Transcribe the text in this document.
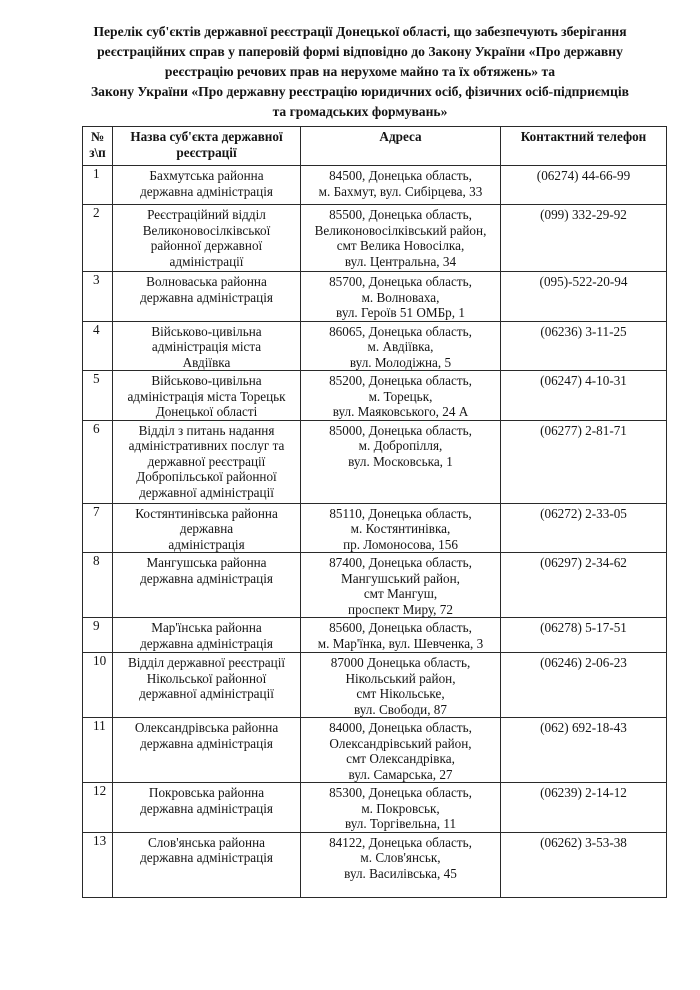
Перелік суб'єктів державної реєстрації Донецької області, що забезпечують зберігання
реєстраційних справ у паперовій формі відповідно до Закону України «Про державну
реєстрацію речових прав на нерухоме майно та їх обтяжень» та
Закону України «Про державну реєстрацію юридичних осіб, фізичних осіб-підприємців
та громадських формувань»
№
з\п	Назва суб'єкта державної
реєстрації	Адреса	Контактний телефон

1	Бахмутська районна
державна адміністрація	84500, Донецька область,
м. Бахмут, вул. Сибірцева, 33	(06274) 44-66-99

2	Реєстраційний відділ
Великоновосілківської
районної державної
адміністрації	85500, Донецька область,
Великоновосілківський район,
смт Велика Новосілка,
вул. Центральна, 34	(099) 332-29-92

3	Волноваська районна
державна адміністрація	85700, Донецька область,
м. Волноваха,
вул. Героїв 51 ОМБр, 1	(095)-522-20-94

4	Військово-цивільна
адміністрація міста
Авдіївка	86065, Донецька область,
м. Авдіївка,
вул. Молодіжна, 5	(06236) 3-11-25

5	Військово-цивільна
адміністрація міста Торецьк
Донецької області	85200, Донецька область,
м. Торецьк,
вул. Маяковського, 24 А	(06247) 4-10-31

6	Відділ з питань надання
адміністративних послуг та
державної реєстрації
Добропільської районної
державної адміністрації	85000, Донецька область,
м. Добропілля,
вул. Московська, 1	(06277) 2-81-71

7	Костянтинівська районна
державна
адміністрація	85110, Донецька область,
м. Костянтинівка,
пр. Ломоносова, 156	(06272) 2-33-05

8	Мангушська районна
державна адміністрація	87400, Донецька область,
Мангушський район,
смт Мангуш,
проспект Миру, 72	(06297) 2-34-62

9	Мар'їнська районна
державна адміністрація	85600, Донецька область,
м. Мар'їнка, вул. Шевченка, 3	(06278) 5-17-51

10	Відділ державної реєстрації
Нікольської районної
державної адміністрації	87000 Донецька область,
Нікольський район,
смт Нікольське,
вул. Свободи, 87	(06246) 2-06-23

11	Олександрівська районна
державна адміністрація	84000, Донецька область,
Олександрівський район,
смт Олександрівка,
вул. Самарська, 27	(062) 692-18-43

12	Покровська районна
державна адміністрація	85300, Донецька область,
м. Покровськ,
вул. Торгівельна, 11	(06239) 2-14-12

13	Слов'янська районна
державна адміністрація	84122, Донецька область,
м. Слов'янськ,
вул. Василівська, 45	(06262) 3-53-38
